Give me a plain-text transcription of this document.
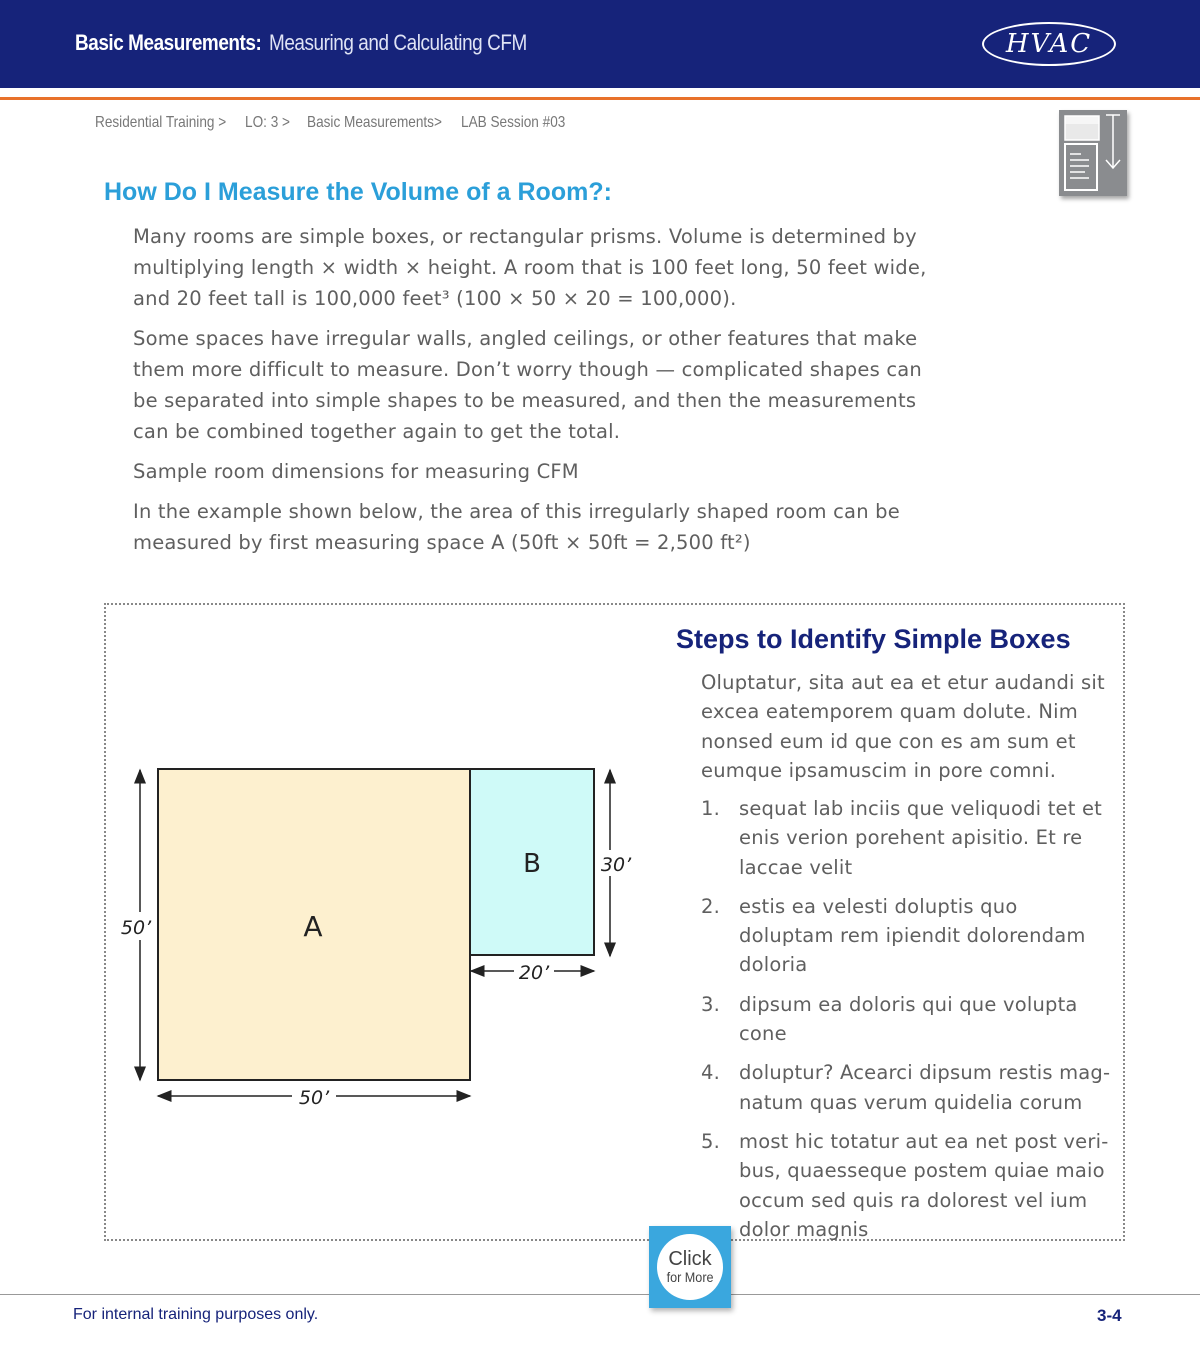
Basic Measurements: Measuring and Calculating CFM	HVAC
Residential Training > LO: 3 > Basic Measurements> LAB Session #03
How Do I Measure the Volume of a Room?:

Many rooms are simple boxes, or rectangular prisms. Volume is determined by multiplying length × width × height. A room that is 100 feet long, 50 feet wide, and 20 feet tall is 100,000 feet³ (100 × 50 × 20 = 100,000).

Some spaces have irregular walls, angled ceilings, or other features that make them more difficult to measure. Don’t worry though — complicated shapes can be separated into simple shapes to be measured, and then the measurements can be combined together again to get the total.

Sample room dimensions for measuring CFM

In the example shown below, the area of this irregularly shaped room can be measured by first measuring space A (50ft × 50ft = 2,500 ft²)

A
B
50’
50’
30’
20’
Steps to Identify Simple Boxes

Oluptatur, sita aut ea et etur audandi sit excea eatemporem quam dolute. Nim nonsed eum id que con es am sum et eumque ipsamuscim in pore comni.

1. sequat lab inciis que veliquodi tet et enis verion porehent apisitio. Et re laccae velit
2. estis ea velesti doluptis quo doluptam rem ipiendit dolorendam doloria
3. dipsum ea doloris qui que volupta cone
4. doluptur? Acearci dipsum restis mag-natum quas verum quidelia corum
5. most hic totatur aut ea net post veri-bus, quaesseque postem quiae maio occum sed quis ra dolorest vel ium dolor magnis
For internal training purposes only.	3-4
Click
for More
